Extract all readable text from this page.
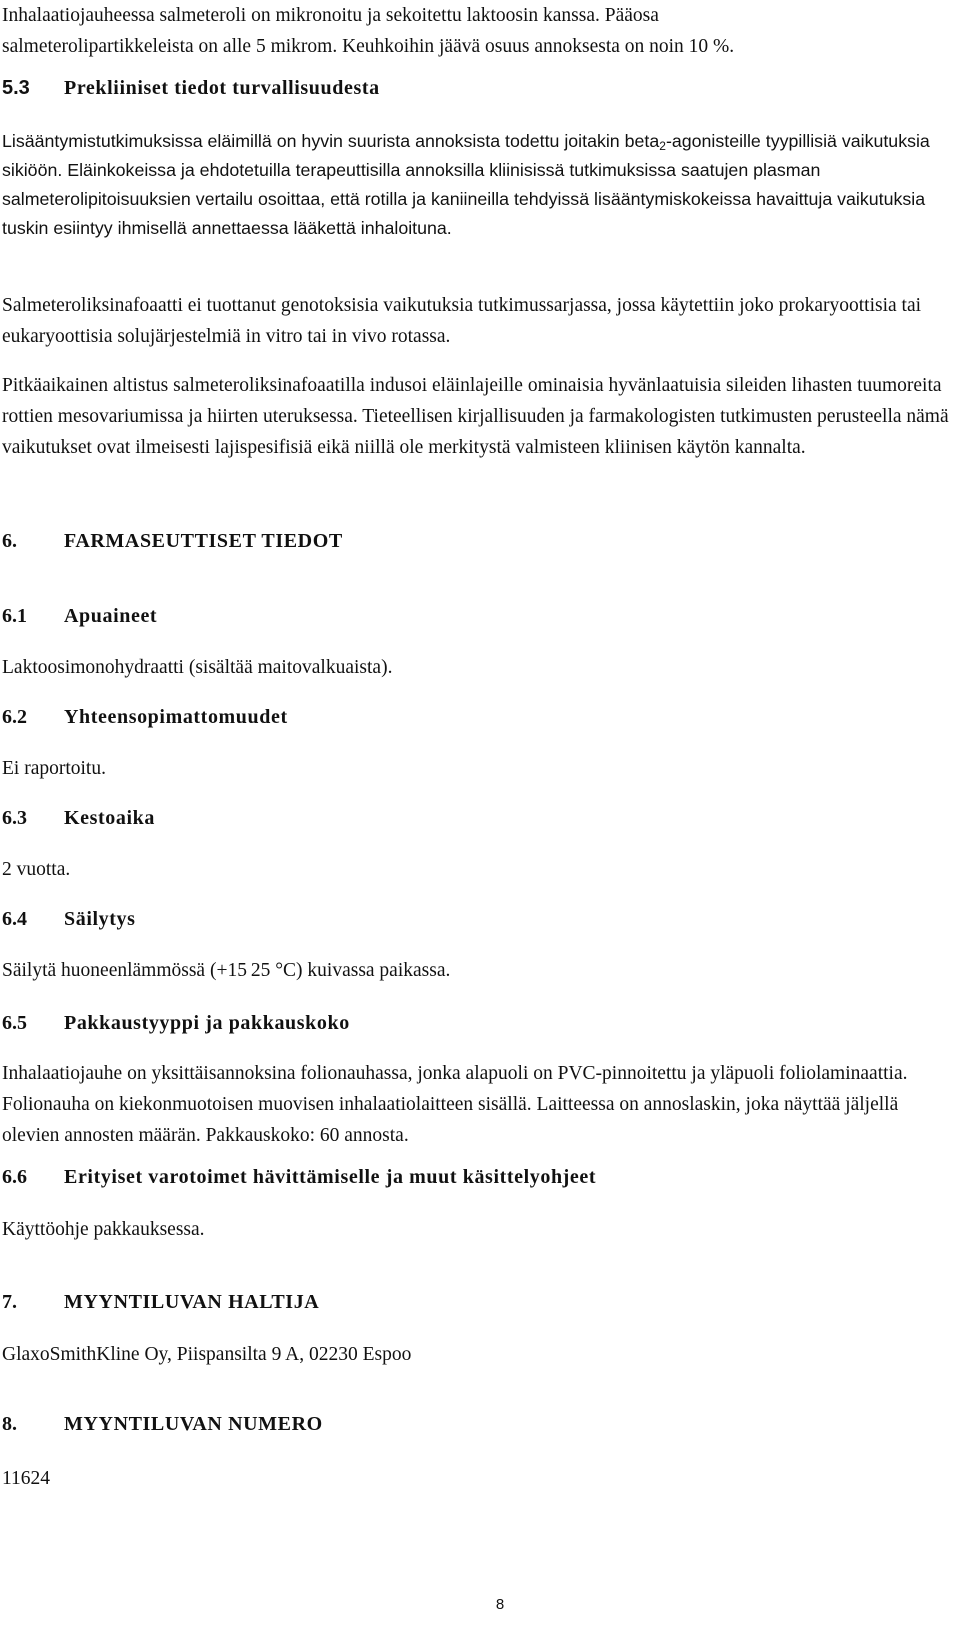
Inhalaatiojauheessa salmeteroli on mikronoitu ja sekoitettu laktoosin kanssa. Pääosa
salmeterolipartikkeleista on alle 5 mikrom. Keuhkoihin jäävä osuus annoksesta on noin 10 %.
5.3	Prekliiniset tiedot turvallisuudesta

Lisääntymistutkimuksissa eläimillä on hyvin suurista annoksista todettu joitakin beta$_2$-agonisteille tyypillisiä vaikutuksia sikiöön. Eläinkokeissa ja ehdotetuilla terapeuttisilla annoksilla kliinisissä tutkimuksissa saatujen plasman salmeterolipitoisuuksien vertailu osoittaa, että rotilla ja kaniineilla tehdyissä lisääntymiskokeissa havaittuja vaikutuksia tuskin esiintyy ihmisellä annettaessa lääkettä inhaloituna.

Salmeteroliksinafoaatti ei tuottanut genotoksisia vaikutuksia tutkimussarjassa, jossa käytettiin joko prokaryoottisia tai eukaryoottisia solujärjestelmiä in vitro tai in vivo rotassa.

Pitkäaikainen altistus salmeteroliksinafoaatilla indusoi eläinlajeille ominaisia hyvänlaatuisia sileiden lihasten tuumoreita rottien mesovariumissa ja hiirten uteruksessa. Tieteellisen kirjallisuuden ja farmakologisten tutkimusten perusteella nämä vaikutukset ovat ilmeisesti lajispesifisiä eikä niillä ole merkitystä valmisteen kliinisen käytön kannalta.

6.	FARMASEUTTISET TIEDOT
6.1	Apuaineet

Laktoosimonohydraatti (sisältää maitovalkuaista).

6.2	Yhteensopimattomuudet

Ei raportoitu.

6.3	Kestoaika

2 vuotta.

6.4	Säilytys

Säilytä huoneenlämmössä (+15 25 °C) kuivassa paikassa.

6.5	Pakkaustyyppi ja pakkauskoko

Inhalaatiojauhe on yksittäisannoksina folionauhassa, jonka alapuoli on PVC-pinnoitettu ja yläpuoli foliolaminaattia. Folionauha on kiekonmuotoisen muovisen inhalaatiolaitteen sisällä. Laitteessa on annoslaskin, joka näyttää jäljellä olevien annosten määrän. Pakkauskoko: 60 annosta.

6.6	Erityiset varotoimet hävittämiselle ja muut käsittelyohjeet

Käyttöohje pakkauksessa.

7.	MYYNTILUVAN HALTIJA

GlaxoSmithKline Oy, Piispansilta 9 A, 02230 Espoo

8.	MYYNTILUVAN NUMERO

11624

8
